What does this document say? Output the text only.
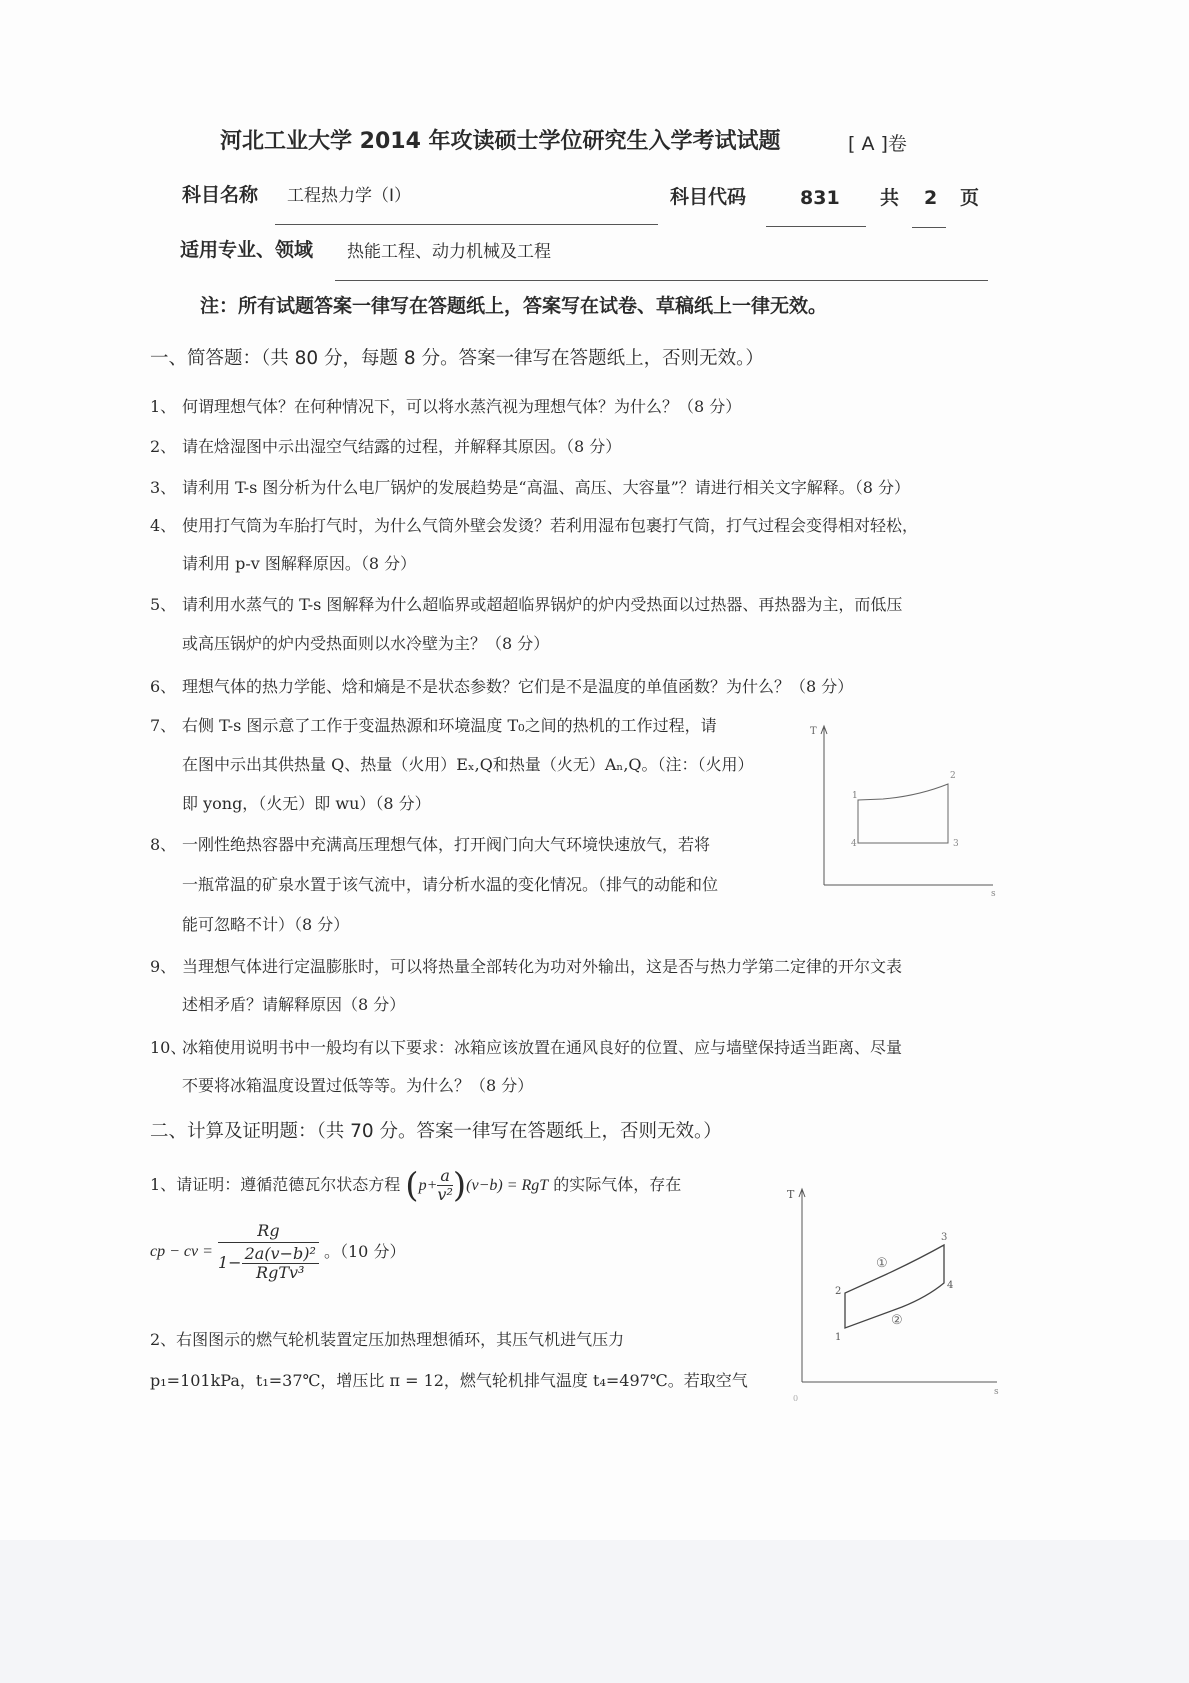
河北工业大学 2014 年攻读硕士学位研究生入学考试试题	[ A ]卷
科目名称 工程热力学（I）	科目代码	831 共 2 页
适用专业、领域 热能工程、动力机械及工程
注：所有试题答案一律写在答题纸上，答案写在试卷、草稿纸上一律无效。
一、简答题：（共 80 分，每题 8 分。答案一律写在答题纸上，否则无效。）
1、 何谓理想气体？在何种情况下，可以将水蒸汽视为理想气体？为什么？（8 分）
2、 请在焓湿图中示出湿空气结露的过程，并解释其原因。（8 分）
3、 请利用 T-s 图分析为什么电厂锅炉的发展趋势是“高温、高压、大容量”？请进行相关文字解释。（8 分）
4、 使用打气筒为车胎打气时，为什么气筒外壁会发烫？若利用湿布包裹打气筒，打气过程会变得相对轻松，
请利用 p-v 图解释原因。（8 分）
5、 请利用水蒸气的 T-s 图解释为什么超临界或超超临界锅炉的炉内受热面以过热器、再热器为主，而低压
或高压锅炉的炉内受热面则以水冷壁为主？（8 分）
6、 理想气体的热力学能、焓和熵是不是状态参数？它们是不是温度的单值函数？为什么？（8 分）
7、 右侧 T-s 图示意了工作于变温热源和环境温度 T₀之间的热机的工作过程，请
在图中示出其供热量 Q、热量（火用）Eₓ,Q和热量（火无）Aₙ,Q。（注：（火用）
即 yong，（火无）即 wu）（8 分）
8、 一刚性绝热容器中充满高压理想气体，打开阀门向大气环境快速放气，若将
一瓶常温的矿泉水置于该气流中，请分析水温的变化情况。（排气的动能和位
能可忽略不计）（8 分）
9、 当理想气体进行定温膨胀时，可以将热量全部转化为功对外输出，这是否与热力学第二定律的开尔文表
述相矛盾？请解释原因（8 分）
10、
冰箱使用说明书中一般均有以下要求：冰箱应该放置在通风良好的位置、应与墙壁保持适当距离、尽量
不要将冰箱温度设置过低等等。为什么？（8 分）
T
s
1
2
3
4
二、计算及证明题：（共 70 分。答案一律写在答题纸上，否则无效。）
1、请证明：遵循范德瓦尔状态方程 $(p+ \frac{a}{\text{v²}} )(v-b)$ = RgT 的实际气体，存在
cp − cv = $\frac{Rg}{1- \frac{\text{2a(v−b)²}}{\text{RgTv³}}}$ 。（10 分）
2、右图图示的燃气轮机装置定压加热理想循环，其压气机进气压力
p₁=101kPa，t₁=37℃，增压比 π = 12，燃气轮机排气温度 t₄=497℃。若取空气
T
s
0
1
2
3
4
①
②
